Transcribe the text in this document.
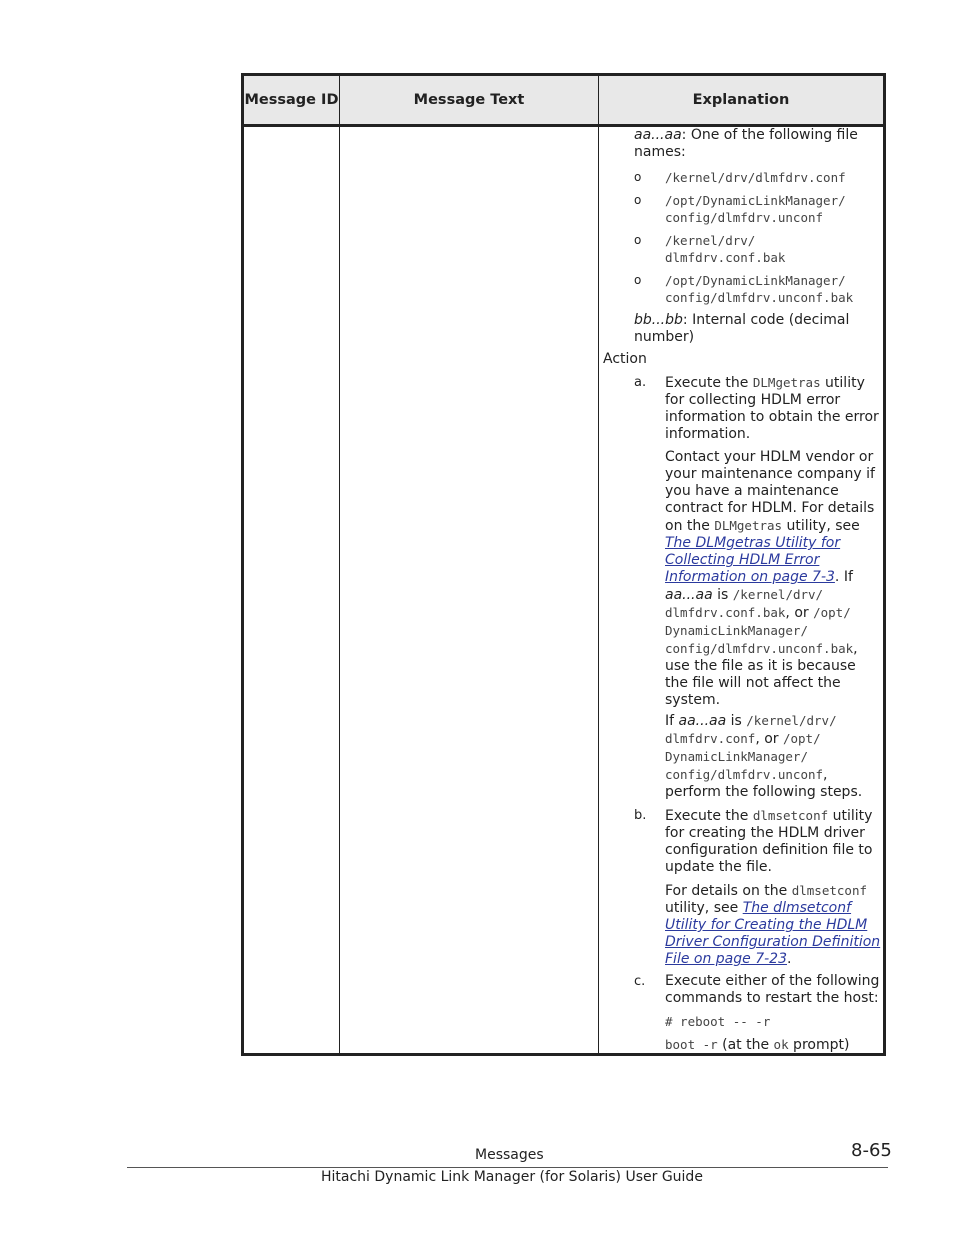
Message ID	Message Text	Explanation
aa...aa: One of the following file names:
o /kernel/drv/dlmfdrv.conf
o /opt/DynamicLinkManager/
config/dlmfdrv.unconf
o /kernel/drv/
dlmfdrv.conf.bak
o /opt/DynamicLinkManager/
config/dlmfdrv.unconf.bak
bb...bb: Internal code (decimal
number)
Action
a. Execute the DLMgetras utility
for collecting HDLM error
information to obtain the error
information.
Contact your HDLM vendor or
your maintenance company if
you have a maintenance
contract for HDLM. For details
on the DLMgetras utility, see
The DLMgetras Utility for
Collecting HDLM Error
Information on page 7-3. If
aa...aa is /kernel/drv/
dlmfdrv.conf.bak, or /opt/
DynamicLinkManager/
config/dlmfdrv.unconf.bak,
use the file as it is because
the file will not affect the
system.
If aa...aa is /kernel/drv/
dlmfdrv.conf, or /opt/
DynamicLinkManager/
config/dlmfdrv.unconf,
perform the following steps.
b. Execute the dlmsetconf utility
for creating the HDLM driver
configuration definition file to
update the file.
For details on the dlmsetconf
utility, see The dlmsetconf
Utility for Creating the HDLM
Driver Configuration Definition
File on page 7-23.
c. Execute either of the following
commands to restart the host:
# reboot -- -r
boot -r (at the ok prompt)
Messages	8-65
Hitachi Dynamic Link Manager (for Solaris) User Guide
